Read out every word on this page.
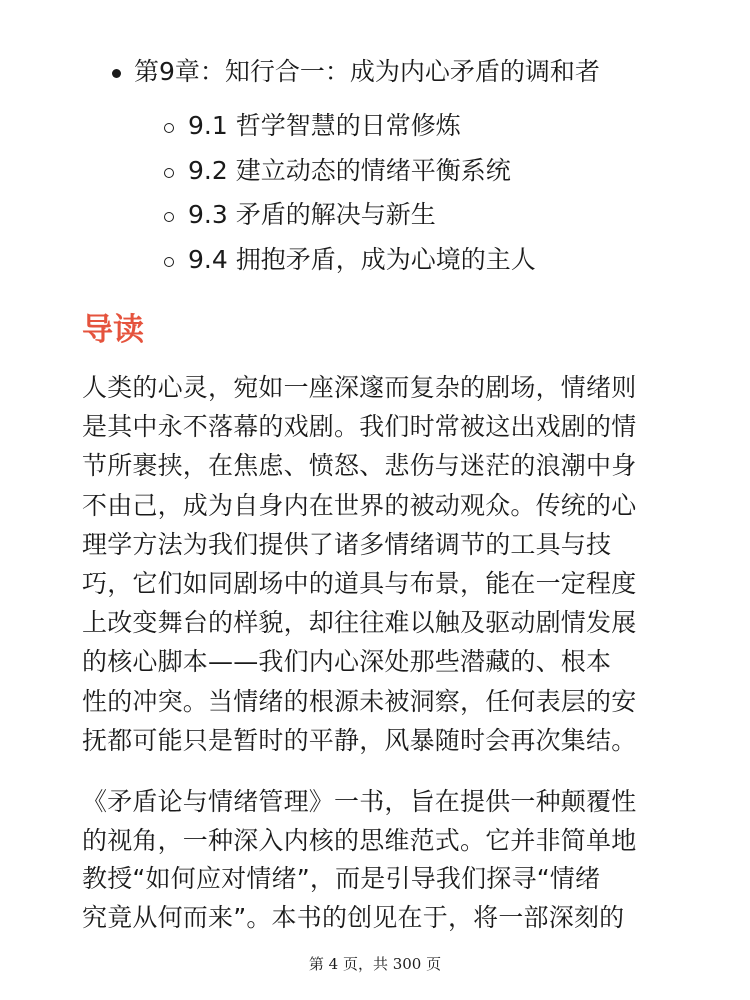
第9章：知行合一：成为内心矛盾的调和者
9.1 哲学智慧的日常修炼
9.2 建立动态的情绪平衡系统
9.3 矛盾的解决与新生
9.4 拥抱矛盾，成为心境的主人
导读

人类的心灵，宛如一座深邃而复杂的剧场，情绪则
是其中永不落幕的戏剧。我们时常被这出戏剧的情
节所裹挟，在焦虑、愤怒、悲伤与迷茫的浪潮中身
不由己，成为自身内在世界的被动观众。传统的心
理学方法为我们提供了诸多情绪调节的工具与技
巧，它们如同剧场中的道具与布景，能在一定程度
上改变舞台的样貌，却往往难以触及驱动剧情发展
的核心脚本——我们内心深处那些潜藏的、根本
性的冲突。当情绪的根源未被洞察，任何表层的安
抚都可能只是暂时的平静，风暴随时会再次集结。

《矛盾论与情绪管理》一书，旨在提供一种颠覆性
的视角，一种深入内核的思维范式。它并非简单地
教授“如何应对情绪”，而是引导我们探寻“情绪
究竟从何而来”。本书的创见在于，将一部深刻的

第 4 页，共 300 页
